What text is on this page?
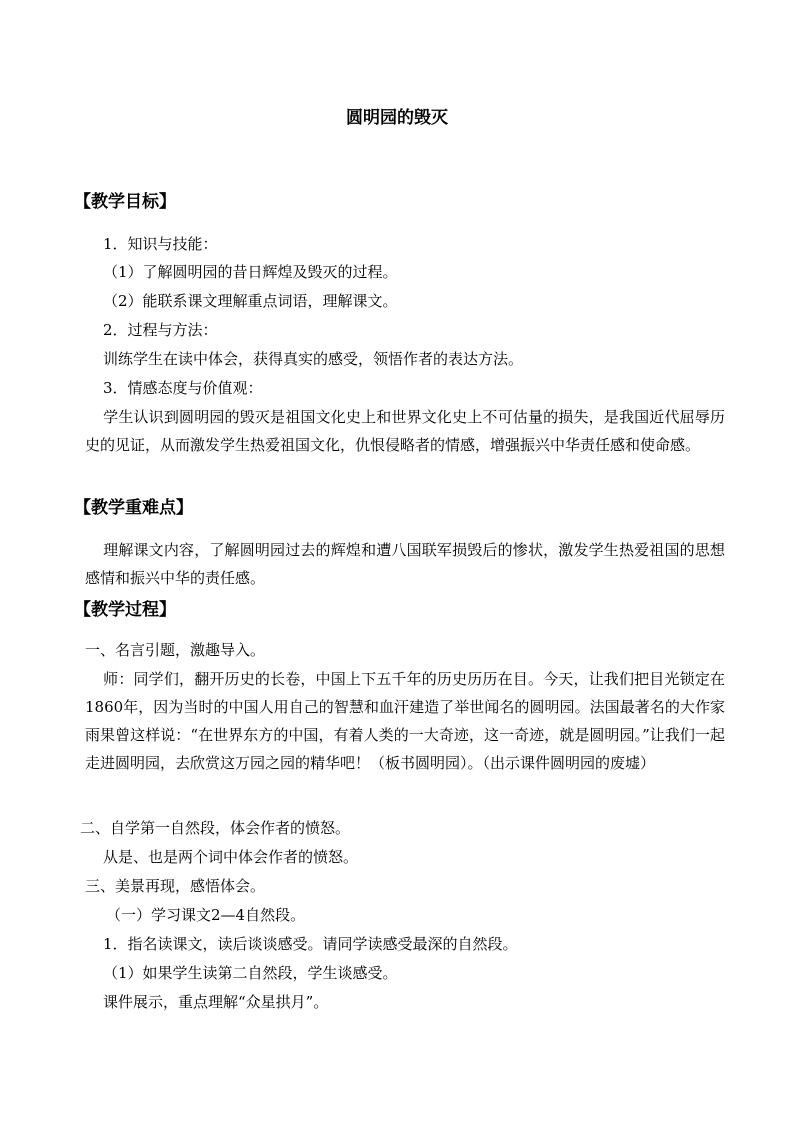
圆明园的毁灭
【教学目标】
1．知识与技能：
（1）了解圆明园的昔日辉煌及毁灭的过程。
（2）能联系课文理解重点词语，理解课文。
2．过程与方法：
训练学生在读中体会，获得真实的感受，领悟作者的表达方法。
3．情感态度与价值观：
学生认识到圆明园的毁灭是祖国文化史上和世界文化史上不可估量的损失，是我国近代屈辱历史的见证，从而激发学生热爱祖国文化，仇恨侵略者的情感，增强振兴中华责任感和使命感。
【教学重难点】
理解课文内容，了解圆明园过去的辉煌和遭八国联军损毁后的惨状，激发学生热爱祖国的思想感情和振兴中华的责任感。
【教学过程】
一、名言引题，激趣导入。
师：同学们，翻开历史的长卷，中国上下五千年的历史历历在目。今天，让我们把目光锁定在1860年，因为当时的中国人用自己的智慧和血汗建造了举世闻名的圆明园。法国最著名的大作家雨果曾这样说：“在世界东方的中国，有着人类的一大奇迹，这一奇迹，就是圆明园。”让我们一起走进圆明园，去欣赏这万园之园的精华吧！（板书圆明园）。（出示课件圆明园的废墟）
二、自学第一自然段，体会作者的愤怒。
从是、也是两个词中体会作者的愤怒。
三、美景再现，感悟体会。
（一）学习课文2—4自然段。
1．指名读课文，读后谈谈感受。请同学读感受最深的自然段。
（1）如果学生读第二自然段，学生谈感受。
课件展示，重点理解“众星拱月”。
